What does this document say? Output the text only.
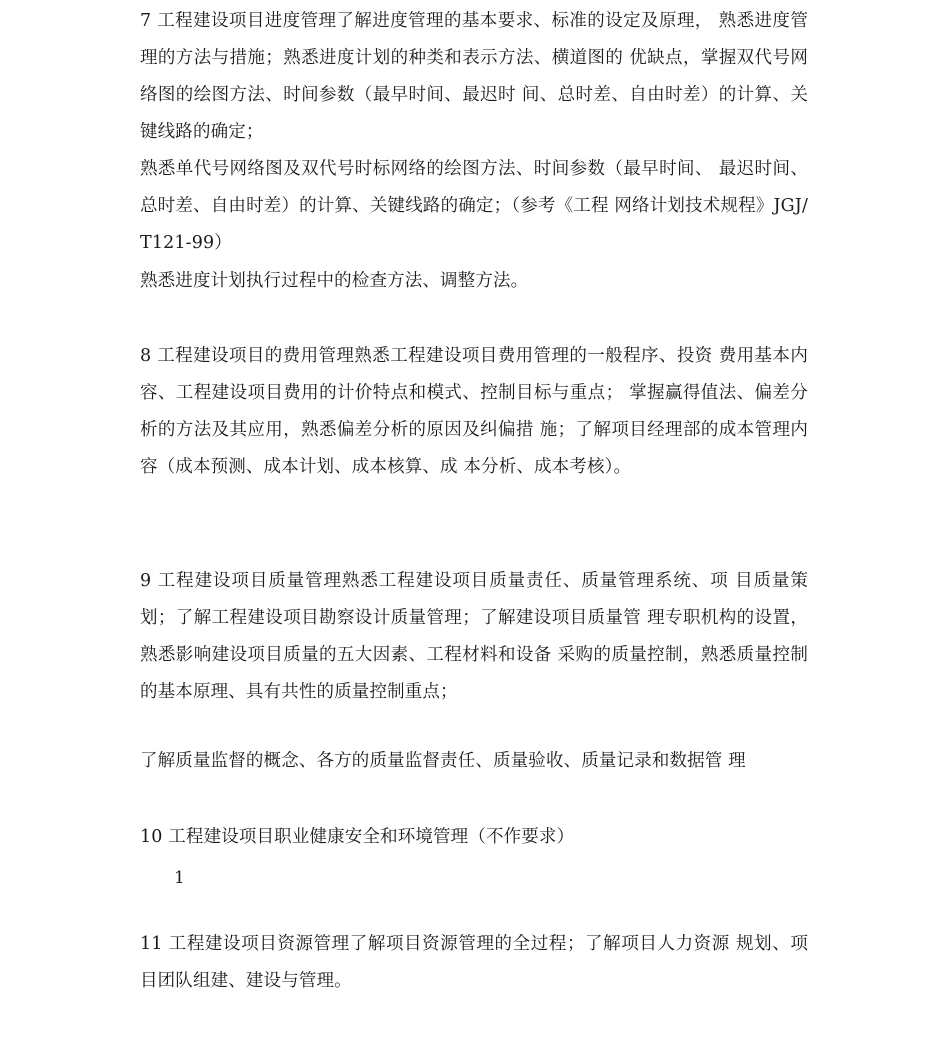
7 工程建设项目进度管理了解进度管理的基本要求、标准的设定及原理， 熟悉进度管理的方法与措施；熟悉进度计划的种类和表示方法、横道图的 优缺点，掌握双代号网络图的绘图方法、时间参数（最早时间、最迟时 间、总时差、自由时差）的计算、关键线路的确定；

熟悉单代号网络图及双代号时标网络的绘图方法、时间参数（最早时间、 最迟时间、总时差、自由时差）的计算、关键线路的确定；（参考《工程 网络计划技术规程》JGJ/T121-99）

熟悉进度计划执行过程中的检查方法、调整方法。

8 工程建设项目的费用管理熟悉工程建设项目费用管理的一般程序、投资 费用基本内容、工程建设项目费用的计价特点和模式、控制目标与重点； 掌握赢得值法、偏差分析的方法及其应用，熟悉偏差分析的原因及纠偏措 施；了解项目经理部的成本管理内容（成本预测、成本计划、成本核算、成 本分析、成本考核）。

9 工程建设项目质量管理熟悉工程建设项目质量责任、质量管理系统、项 目质量策划；了解工程建设项目勘察设计质量管理；了解建设项目质量管 理专职机构的设置，熟悉影响建设项目质量的五大因素、工程材料和设备 采购的质量控制，熟悉质量控制的基本原理、具有共性的质量控制重点；

了解质量监督的概念、各方的质量监督责任、质量验收、质量记录和数据管 理

10 工程建设项目职业健康安全和环境管理（不作要求）

11 工程建设项目资源管理了解项目资源管理的全过程；了解项目人力资源 规划、项目团队组建、建设与管理。

1
